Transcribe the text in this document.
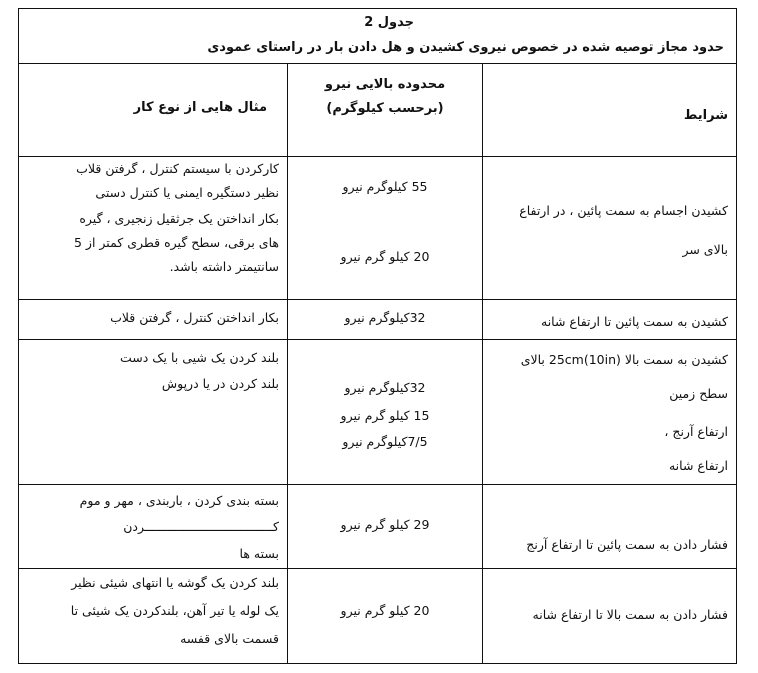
جدول 2
حدود مجاز توصیه شده در خصوص نیروی کشیدن و هل دادن بار در راستای عمودی
شرایط
محدوده بالایی نیرو
(برحسب کیلوگرم)
مثال هایی از نوع کار
کشیدن اجسام به سمت پائین ، در ارتفاع
بالای سر
55 کیلوگرم نیرو
20 کیلو گرم نیرو
کارکردن با سیستم کنترل ، گرفتن قلاب
نظیر دستگیره ایمنی یا کنترل دستی
بکار انداختن یک جرثقیل زنجیری ، گیره
های برقی، سطح گیره قطری کمتر از 5
سانتیمتر داشته باشد.
کشیدن به سمت پائین تا ارتفاع شانه
32کیلوگرم نیرو
بکار انداختن کنترل ، گرفتن قلاب
کشیدن به سمت بالا 25cm(10in) بالای
سطح زمین
ارتفاع آرنج ،
ارتفاع شانه
32کیلوگرم نیرو
15 کیلو گرم نیرو
7/5کیلوگرم نیرو
بلند کردن یک شیی با یک دست
بلند کردن در یا درپوش
فشار دادن به سمت پائین تا ارتفاع آرنج
29 کیلو گرم نیرو
بسته بندی کردن ، باربندی ، مهر و موم
کـــــــــــــــــــــــــــــــــــردن
بسته ها
فشار دادن به سمت بالا تا ارتفاع شانه
20 کیلو گرم نیرو
بلند کردن یک گوشه یا انتهای شیئی نظیر
یک لوله یا تیر آهن، بلندکردن یک شیئی تا
قسمت بالای قفسه
